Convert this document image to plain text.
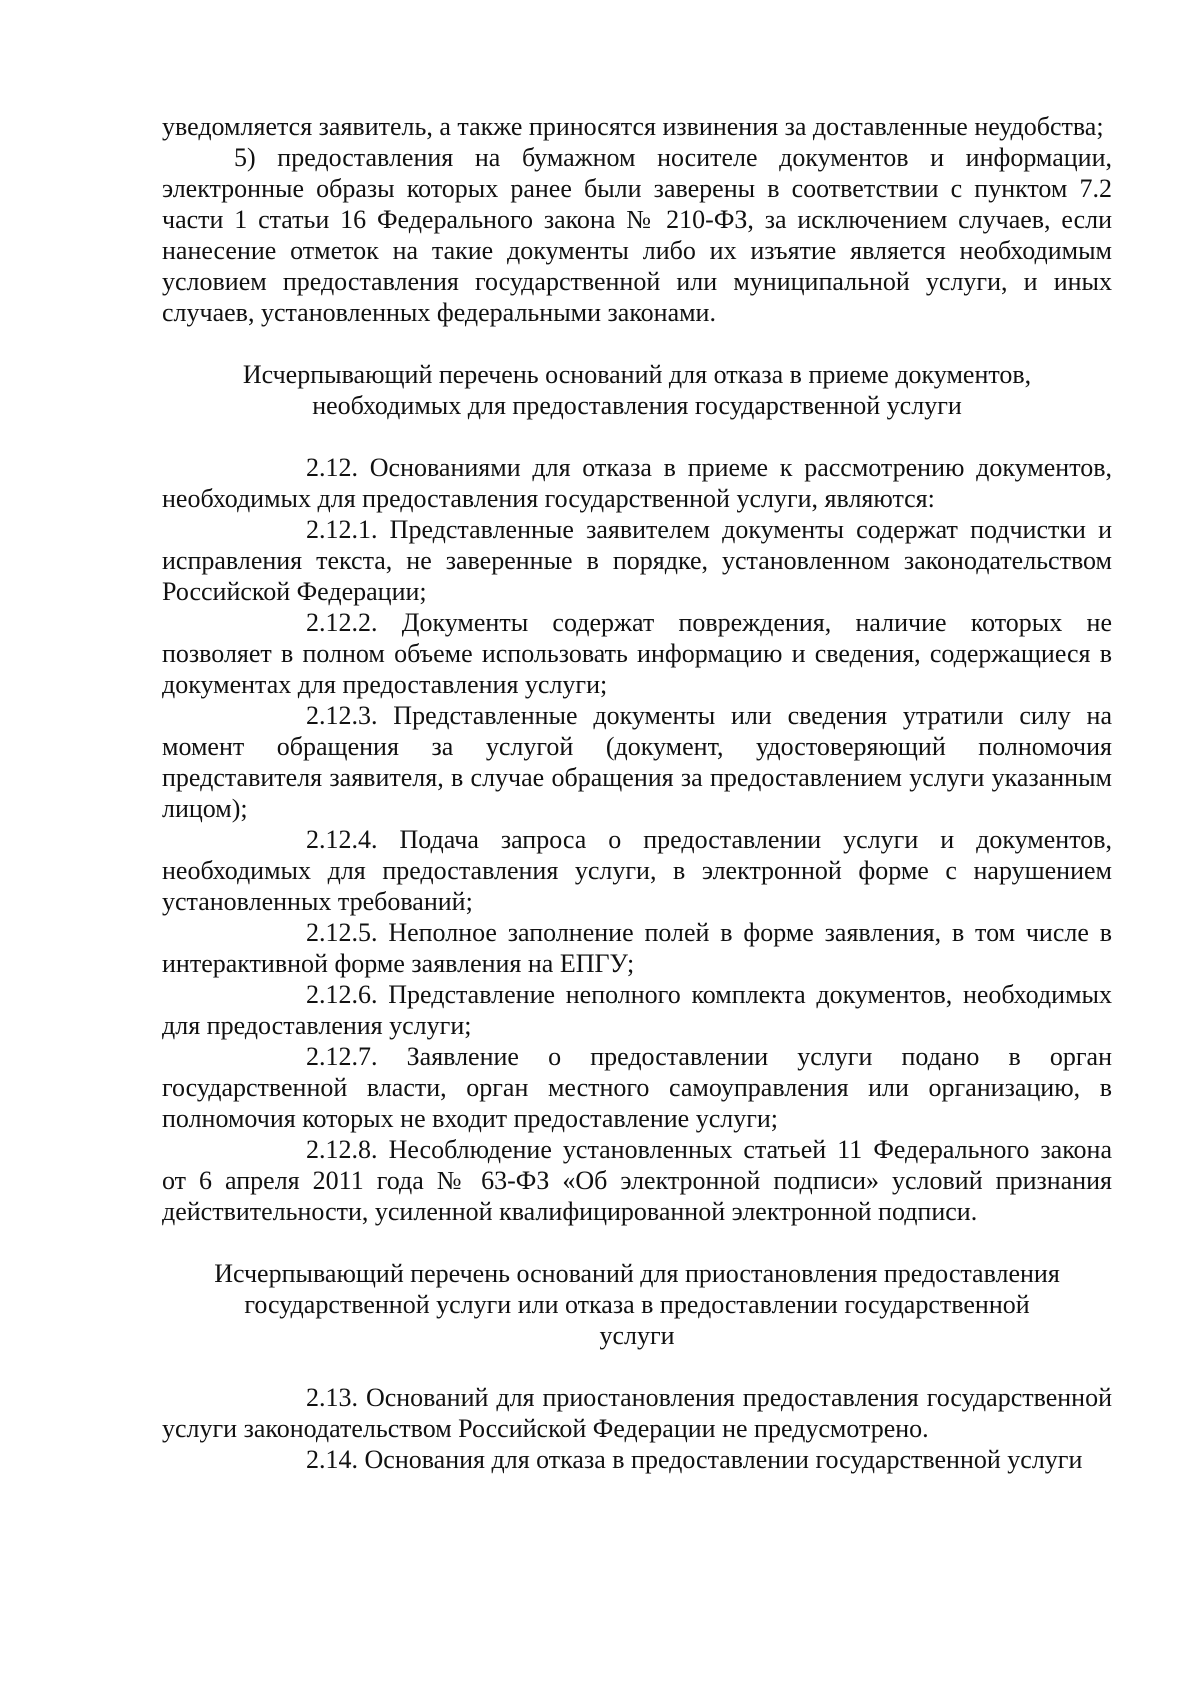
уведомляется заявитель, а также приносятся извинения за доставленные неудобства;

5) предоставления на бумажном носителе документов и информации, электронные образы которых ранее были заверены в соответствии с пунктом 7.2 части 1 статьи 16 Федерального закона № 210-ФЗ, за исключением случаев, если нанесение отметок на такие документы либо их изъятие является необходимым условием предоставления государственной или муниципальной услуги, и иных случаев, установленных федеральными законами.

Исчерпывающий перечень оснований для отказа в приеме документов,
необходимых для предоставления государственной услуги

2.12. Основаниями для отказа в приеме к рассмотрению документов, необходимых для предоставления государственной услуги, являются:

2.12.1. Представленные заявителем документы содержат подчистки и исправления текста, не заверенные в порядке, установленном законодательством Российской Федерации;

2.12.2. Документы содержат повреждения, наличие которых не позволяет в полном объеме использовать информацию и сведения, содержащиеся в документах для предоставления услуги;

2.12.3. Представленные документы или сведения утратили силу на момент обращения за услугой (документ, удостоверяющий полномочия представителя заявителя, в случае обращения за предоставлением услуги указанным лицом);

2.12.4. Подача запроса о предоставлении услуги и документов, необходимых для предоставления услуги, в электронной форме с нарушением установленных требований;

2.12.5. Неполное заполнение полей в форме заявления, в том числе в интерактивной форме заявления на ЕПГУ;

2.12.6. Представление неполного комплекта документов, необходимых для предоставления услуги;

2.12.7. Заявление о предоставлении услуги подано в орган государственной власти, орган местного самоуправления или организацию, в полномочия которых не входит предоставление услуги;

2.12.8. Несоблюдение установленных статьей 11 Федерального закона от 6 апреля 2011 года № 63-ФЗ «Об электронной подписи» условий признания действительности, усиленной квалифицированной электронной подписи.

Исчерпывающий перечень оснований для приостановления предоставления
государственной услуги или отказа в предоставлении государственной
услуги

2.13. Оснований для приостановления предоставления государственной услуги законодательством Российской Федерации не предусмотрено.

2.14. Основания для отказа в предоставлении государственной услуги
